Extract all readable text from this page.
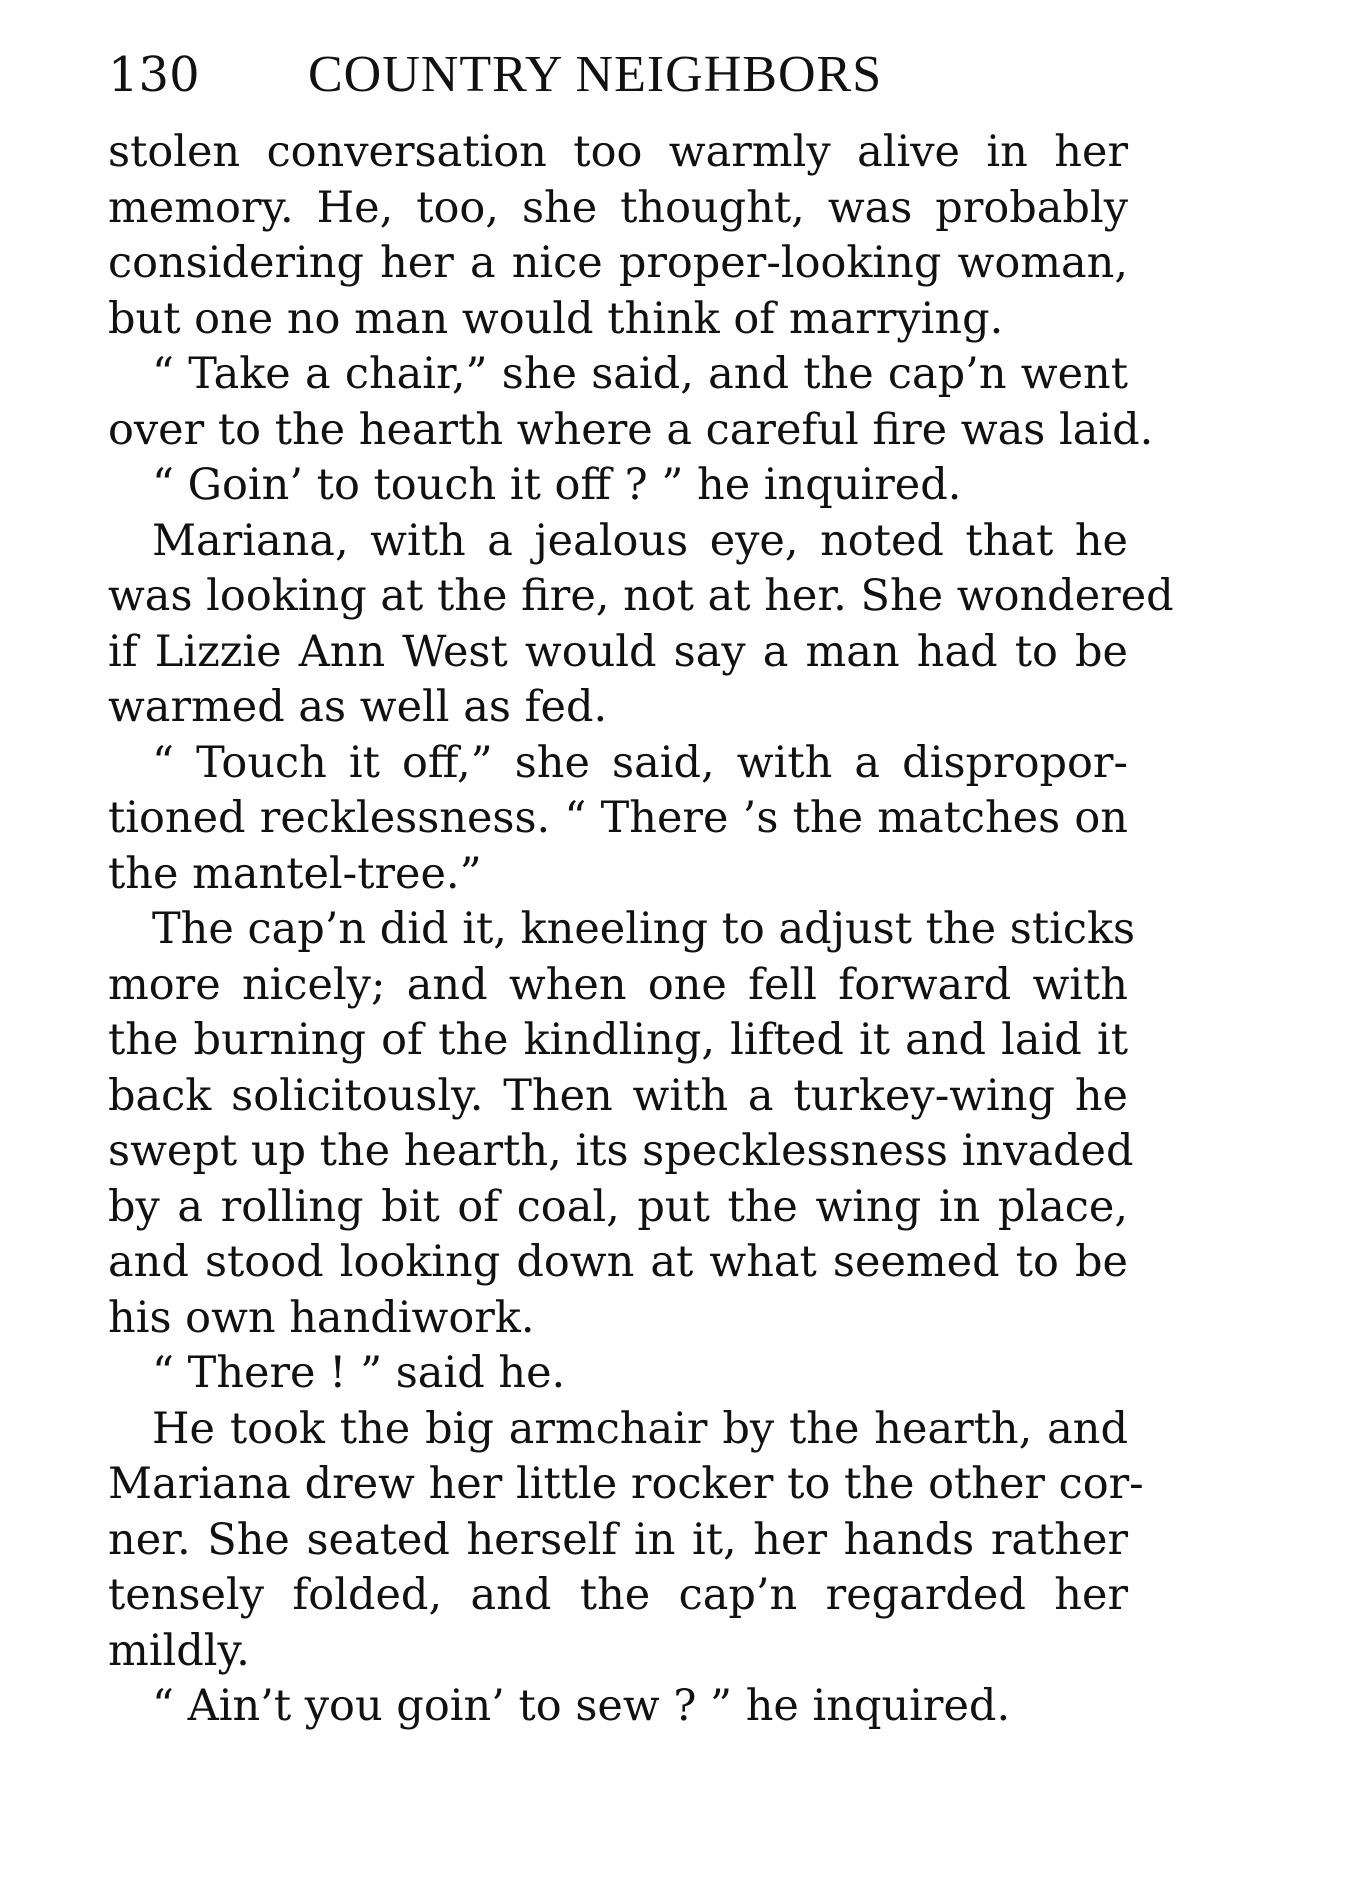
130 COUNTRY NEIGHBORS
stolen conversation too warmly alive in her
memory. He, too, she thought, was probably
considering her a nice proper-looking woman,
but one no man would think of marrying.
“ Take a chair,” she said, and the cap’n went
over to the hearth where a careful fire was laid.
“ Goin’ to touch it off ? ” he inquired.
Mariana, with a jealous eye, noted that he
was looking at the fire, not at her. She wondered
if Lizzie Ann West would say a man had to be
warmed as well as fed.
“ Touch it off,” she said, with a dispropor-
tioned recklessness. “ There ’s the matches on
the mantel-tree.”
The cap’n did it, kneeling to adjust the sticks
more nicely; and when one fell forward with
the burning of the kindling, lifted it and laid it
back solicitously. Then with a turkey-wing he
swept up the hearth, its specklessness invaded
by a rolling bit of coal, put the wing in place,
and stood looking down at what seemed to be
his own handiwork.
“ There ! ” said he.
He took the big armchair by the hearth, and
Mariana drew her little rocker to the other cor-
ner. She seated herself in it, her hands rather
tensely folded, and the cap’n regarded her
mildly.
“ Ain’t you goin’ to sew ? ” he inquired.
